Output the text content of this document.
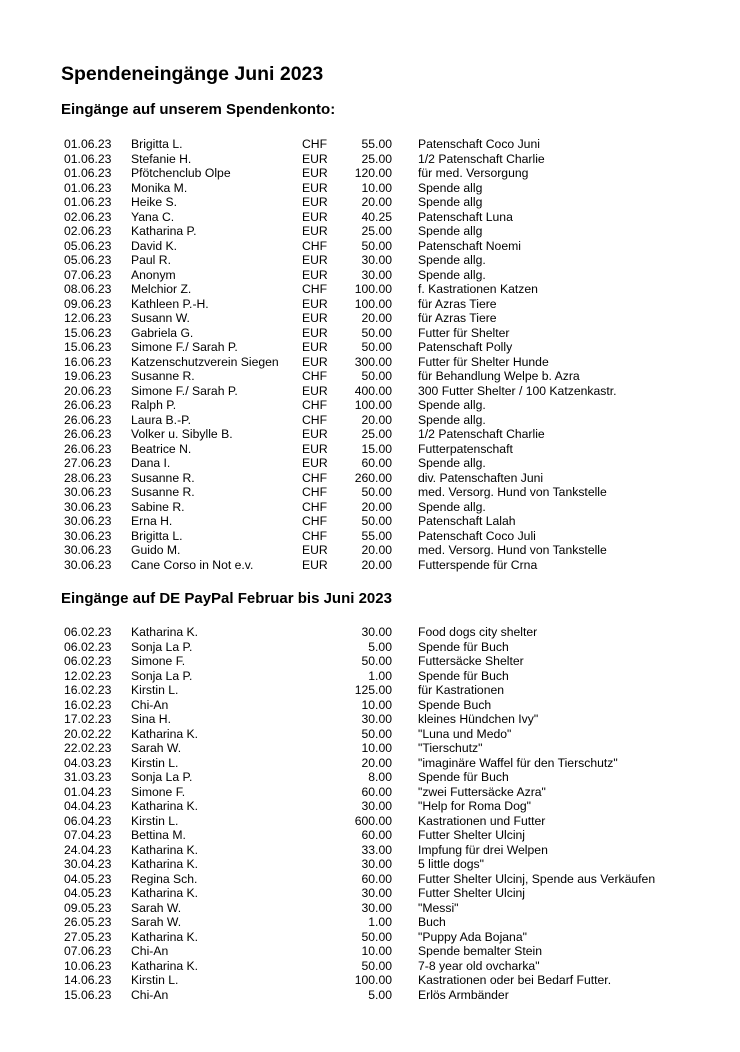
Spendeneingänge Juni 2023
Eingänge auf unserem Spendenkonto:
01.06.23 Brigitta L.	CHF	55.00 Patenschaft Coco Juni
01.06.23 Stefanie H.	EUR	25.00 1/2 Patenschaft Charlie
01.06.23 Pfötchenclub Olpe	EUR 120.00 für med. Versorgung
01.06.23 Monika M.	EUR	10.00 Spende allg
01.06.23 Heike S.	EUR	20.00 Spende allg
02.06.23 Yana C.	EUR	40.25 Patenschaft Luna
02.06.23 Katharina P.	EUR	25.00 Spende allg
05.06.23 David K.	CHF	50.00 Patenschaft Noemi
05.06.23 Paul R.	EUR	30.00 Spende allg.
07.06.23 Anonym	EUR	30.00 Spende allg.
08.06.23 Melchior Z.	CHF 100.00 f. Kastrationen Katzen
09.06.23 Kathleen P.-H.	EUR 100.00 für Azras Tiere
12.06.23 Susann W.	EUR	20.00 für Azras Tiere
15.06.23 Gabriela G.	EUR	50.00 Futter für Shelter
15.06.23 Simone F./ Sarah P.	EUR	50.00 Patenschaft Polly
16.06.23 Katzenschutzverein Siegen EUR 300.00 Futter für Shelter Hunde
19.06.23 Susanne R.	CHF	50.00 für Behandlung Welpe b. Azra
20.06.23 Simone F./ Sarah P.	EUR 400.00 300 Futter Shelter / 100 Katzenkastr.
26.06.23 Ralph P.	CHF 100.00 Spende allg.
26.06.23 Laura B.-P.	CHF	20.00 Spende allg.
26.06.23 Volker u. Sibylle B.	EUR	25.00 1/2 Patenschaft Charlie
26.06.23 Beatrice N.	EUR	15.00 Futterpatenschaft
27.06.23 Dana I.	EUR	60.00 Spende allg.
28.06.23 Susanne R.	CHF 260.00 div. Patenschaften Juni
30.06.23 Susanne R.	CHF	50.00 med. Versorg. Hund von Tankstelle
30.06.23 Sabine R.	CHF	20.00 Spende allg.
30.06.23 Erna H.	CHF	50.00 Patenschaft Lalah
30.06.23 Brigitta L.	CHF	55.00 Patenschaft Coco Juli
30.06.23 Guido M.	EUR	20.00 med. Versorg. Hund von Tankstelle
30.06.23 Cane Corso in Not e.v.	EUR	20.00 Futterspende für Crna
Eingänge auf DE PayPal Februar bis Juni 2023
06.02.23 Katharina K.	30.00 Food dogs city shelter
06.02.23 Sonja La P.	5.00 Spende für Buch
06.02.23 Simone F.	50.00 Futtersäcke Shelter
12.02.23 Sonja La P.	1.00 Spende für Buch
16.02.23 Kirstin L.	125.00 für Kastrationen
16.02.23 Chi-An	10.00 Spende Buch
17.02.23 Sina H.	30.00 kleines Hündchen Ivy"
20.02.22 Katharina K.	50.00 "Luna und Medo"
22.02.23 Sarah W.	10.00 "Tierschutz"
04.03.23 Kirstin L.	20.00 "imaginäre Waffel für den Tierschutz"
31.03.23 Sonja La P.	8.00 Spende für Buch
01.04.23 Simone F.	60.00 "zwei Futtersäcke Azra"
04.04.23 Katharina K.	30.00 "Help for Roma Dog"
06.04.23 Kirstin L.	600.00 Kastrationen und Futter
07.04.23 Bettina M.	60.00 Futter Shelter Ulcinj
24.04.23 Katharina K.	33.00 Impfung für drei Welpen
30.04.23 Katharina K.	30.00 5 little dogs"
04.05.23 Regina Sch.	60.00 Futter Shelter Ulcinj, Spende aus Verkäufen
04.05.23 Katharina K.	30.00 Futter Shelter Ulcinj
09.05.23 Sarah W.	30.00 "Messi"
26.05.23 Sarah W.	1.00 Buch
27.05.23 Katharina K.	50.00 "Puppy Ada Bojana"
07.06.23 Chi-An	10.00 Spende bemalter Stein
10.06.23 Katharina K.	50.00 7-8 year old ovcharka"
14.06.23 Kirstin L.	100.00 Kastrationen oder bei Bedarf Futter.
15.06.23 Chi-An	5.00 Erlös Armbänder
